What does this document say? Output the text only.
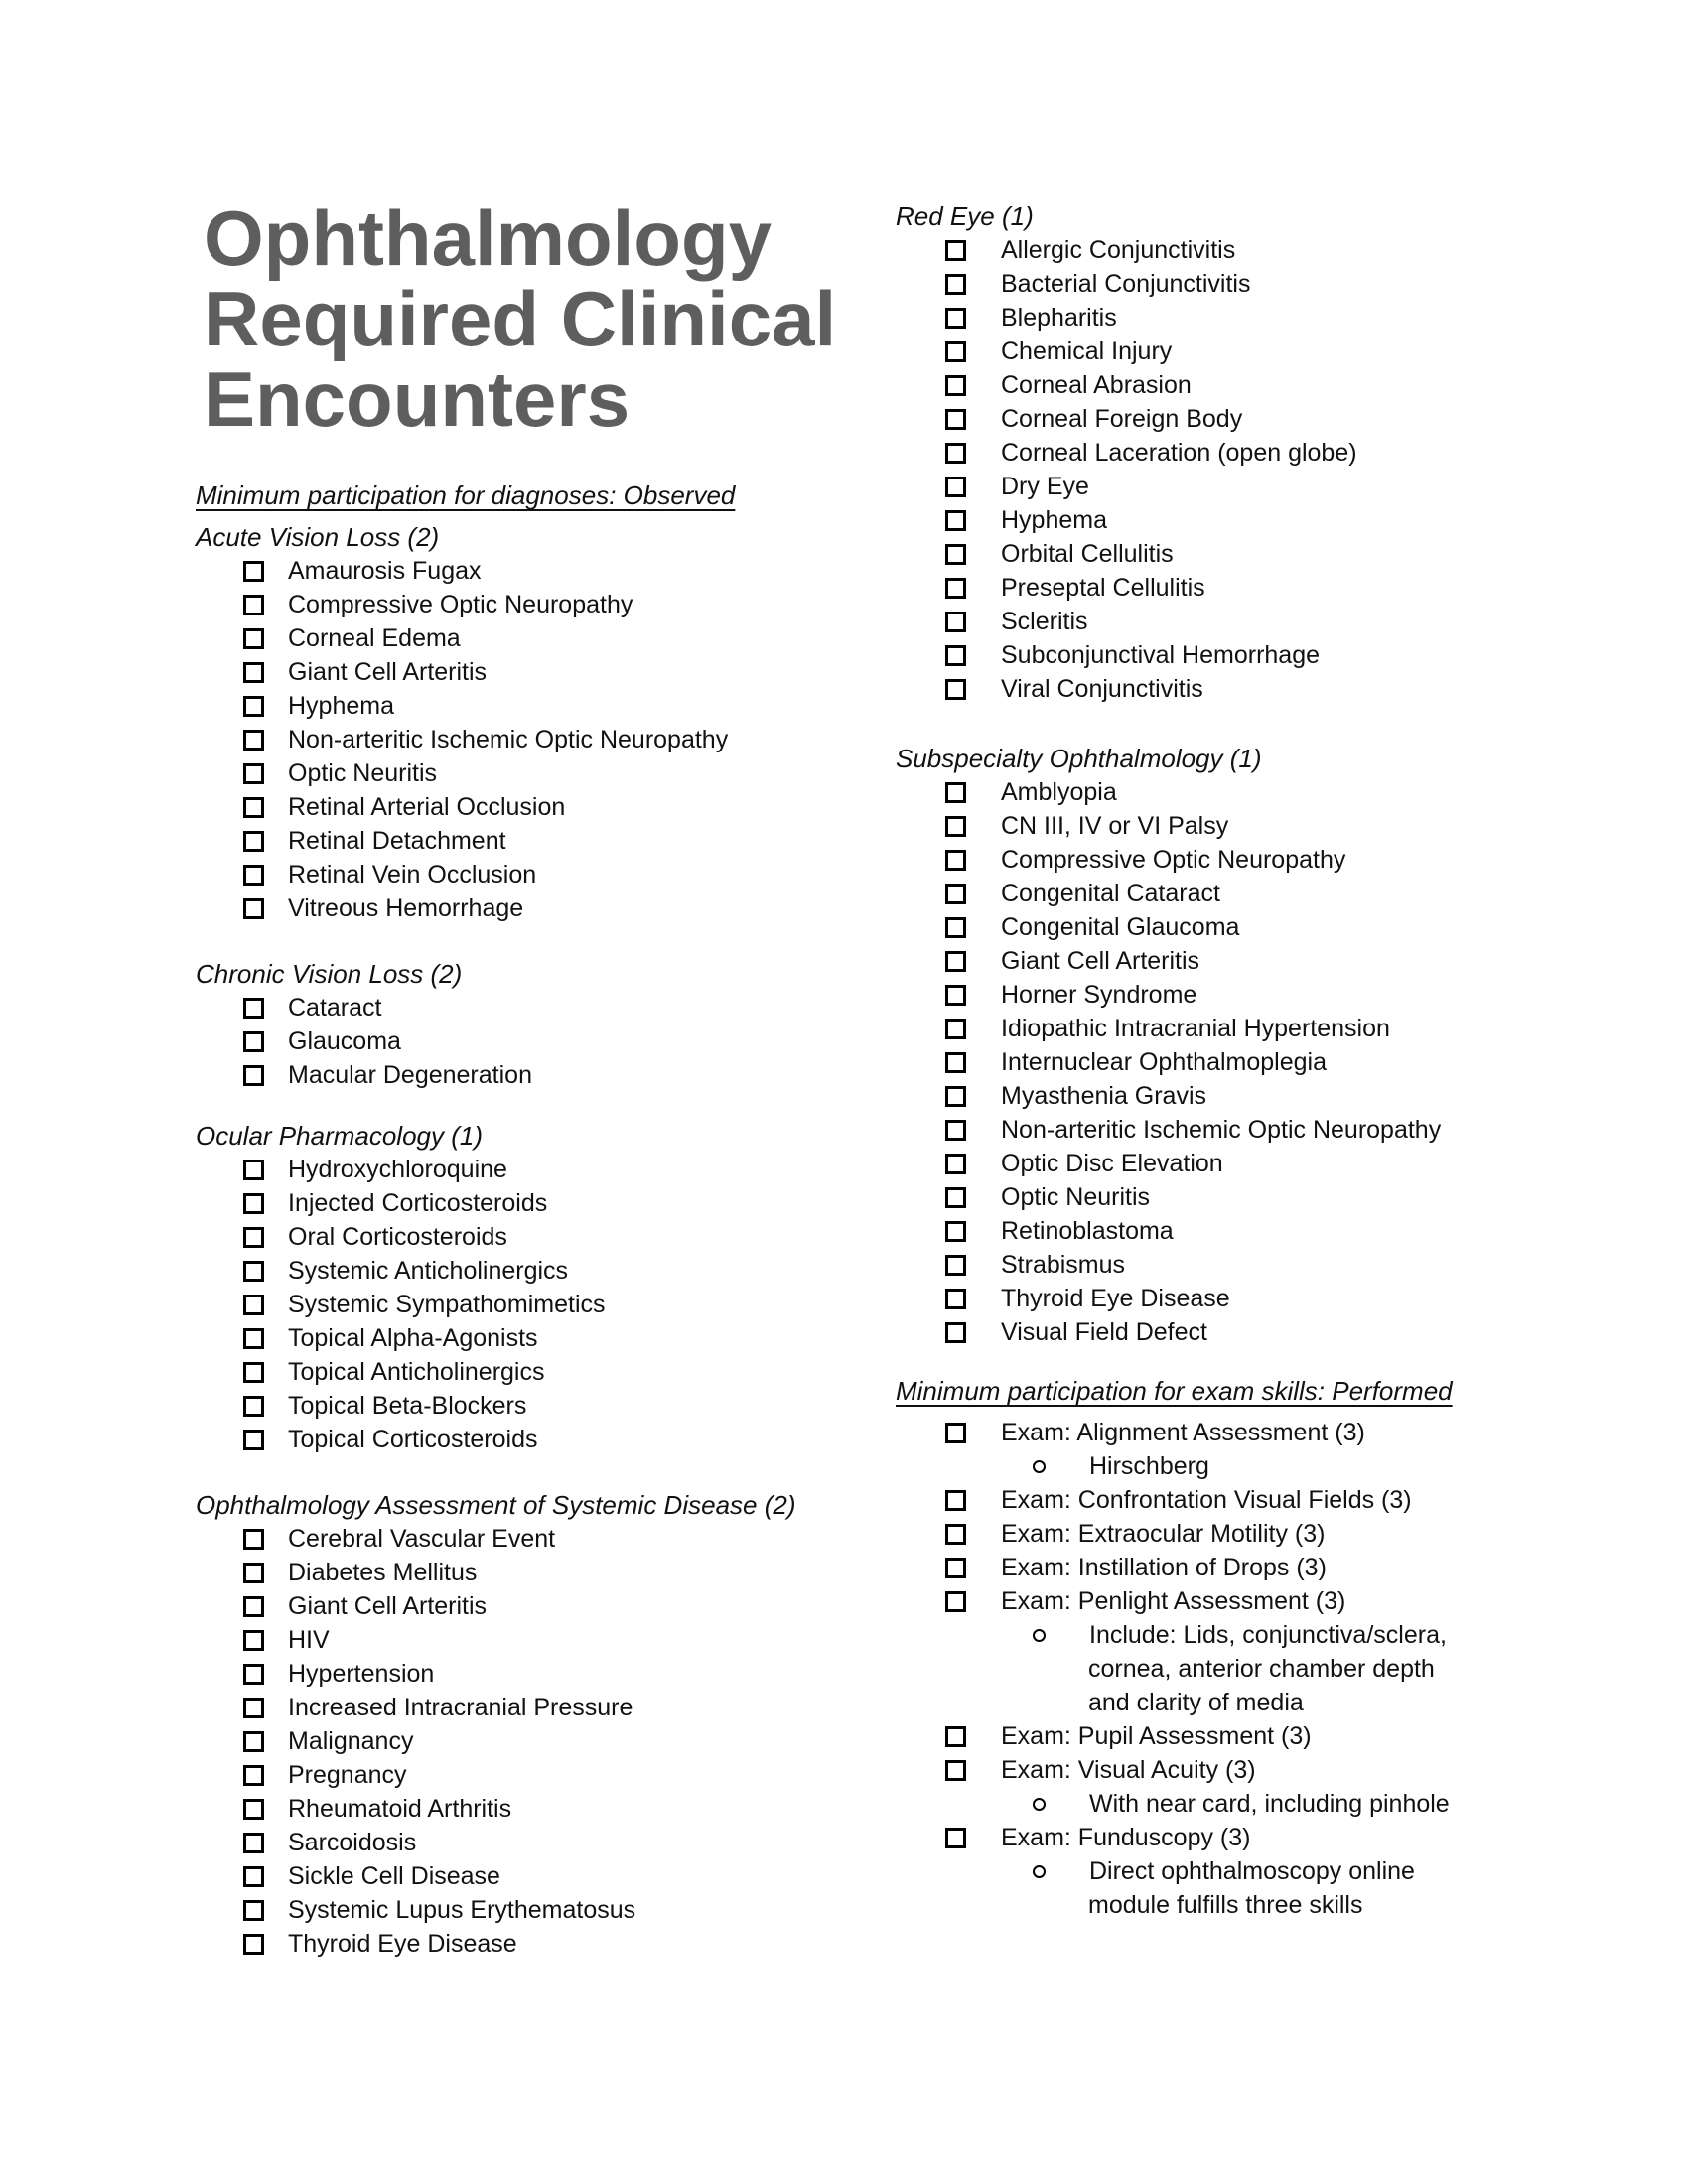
Ophthalmology
Required Clinical
Encounters
Minimum participation for diagnoses: Observed
Minimum participation for exam skills: Performed
Acute Vision Loss (2)
Amaurosis Fugax
Compressive Optic Neuropathy
Corneal Edema
Giant Cell Arteritis
Hyphema
Non-arteritic Ischemic Optic Neuropathy
Optic Neuritis
Retinal Arterial Occlusion
Retinal Detachment
Retinal Vein Occlusion
Vitreous Hemorrhage
Chronic Vision Loss (2)
Cataract
Glaucoma
Macular Degeneration
Ocular Pharmacology (1)
Hydroxychloroquine
Injected Corticosteroids
Oral Corticosteroids
Systemic Anticholinergics
Systemic Sympathomimetics
Topical Alpha-Agonists
Topical Anticholinergics
Topical Beta-Blockers
Topical Corticosteroids
Ophthalmology Assessment of Systemic Disease (2)
Cerebral Vascular Event
Diabetes Mellitus
Giant Cell Arteritis
HIV
Hypertension
Increased Intracranial Pressure
Malignancy
Pregnancy
Rheumatoid Arthritis
Sarcoidosis
Sickle Cell Disease
Systemic Lupus Erythematosus
Thyroid Eye Disease
Red Eye (1)
Allergic Conjunctivitis
Bacterial Conjunctivitis
Blepharitis
Chemical Injury
Corneal Abrasion
Corneal Foreign Body
Corneal Laceration (open globe)
Dry Eye
Hyphema
Orbital Cellulitis
Preseptal Cellulitis
Scleritis
Subconjunctival Hemorrhage
Viral Conjunctivitis
Subspecialty Ophthalmology (1)
Amblyopia
CN III, IV or VI Palsy
Compressive Optic Neuropathy
Congenital Cataract
Congenital Glaucoma
Giant Cell Arteritis
Horner Syndrome
Idiopathic Intracranial Hypertension
Internuclear Ophthalmoplegia
Myasthenia Gravis
Non-arteritic Ischemic Optic Neuropathy
Optic Disc Elevation
Optic Neuritis
Retinoblastoma
Strabismus
Thyroid Eye Disease
Visual Field Defect
Exam: Alignment Assessment (3)
Hirschberg
Exam: Confrontation Visual Fields (3)
Exam: Extraocular Motility (3)
Exam: Instillation of Drops (3)
Exam: Penlight Assessment (3)
Include: Lids, conjunctiva/sclera,
cornea, anterior chamber depth
and clarity of media
Exam: Pupil Assessment (3)
Exam: Visual Acuity (3)
With near card, including pinhole
Exam: Funduscopy (3)
Direct ophthalmoscopy online
module fulfills three skills
